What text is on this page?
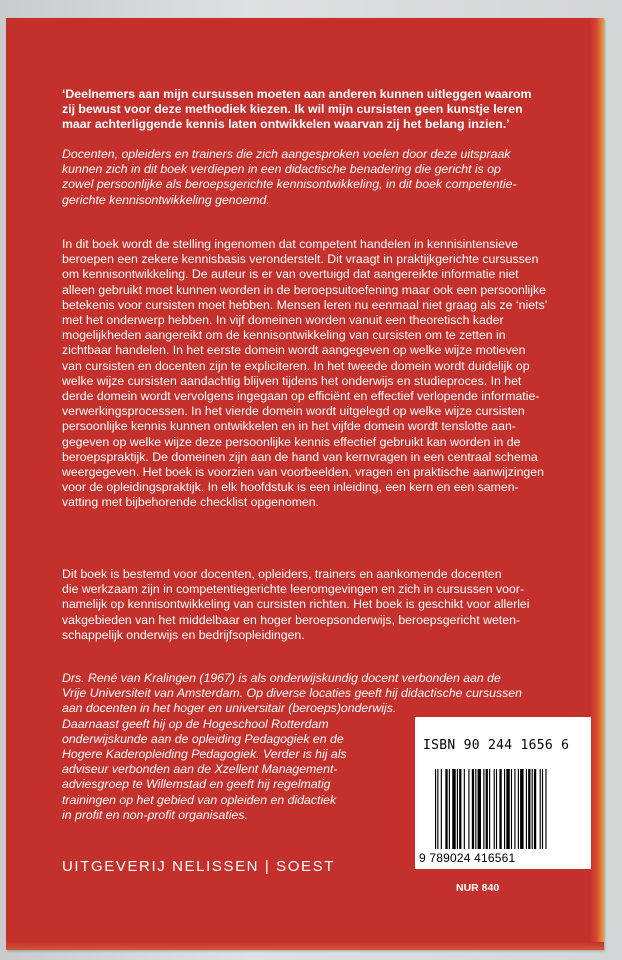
‘Deelnemers aan mijn cursussen moeten aan anderen kunnen uitleggen waarom
zij bewust voor deze methodiek kiezen. Ik wil mijn cursisten geen kunstje leren
maar achterliggende kennis laten ontwikkelen waarvan zij het belang inzien.’
Docenten, opleiders en trainers die zich aangesproken voelen door deze uitspraak
kunnen zich in dit boek verdiepen in een didactische benadering die gericht is op
zowel persoonlijke als beroepsgerichte kennisontwikkeling, in dit boek competentie-
gerichte kennisontwikkeling genoemd.
In dit boek wordt de stelling ingenomen dat competent handelen in kennisintensieve
beroepen een zekere kennisbasis veronderstelt. Dit vraagt in praktijkgerichte cursussen
om kennisontwikkeling. De auteur is er van overtuigd dat aangereikte informatie niet
alleen gebruikt moet kunnen worden in de beroepsuitoefening maar ook een persoonlijke
betekenis voor cursisten moet hebben. Mensen leren nu eenmaal niet graag als ze ‘niets’
met het onderwerp hebben. In vijf domeinen worden vanuit een theoretisch kader
mogelijkheden aangereikt om de kennisontwikkeling van cursisten om te zetten in
zichtbaar handelen. In het eerste domein wordt aangegeven op welke wijze motieven
van cursisten en docenten zijn te expliciteren. In het tweede domein wordt duidelijk op
welke wijze cursisten aandachtig blijven tijdens het onderwijs en studieproces. In het
derde domein wordt vervolgens ingegaan op efficiënt en effectief verlopende informatie-
verwerkingsprocessen. In het vierde domein wordt uitgelegd op welke wijze cursisten
persoonlijke kennis kunnen ontwikkelen en in het vijfde domein wordt tenslotte aan-
gegeven op welke wijze deze persoonlijke kennis effectief gebruikt kan worden in de
beroepspraktijk. De domeinen zijn aan de hand van kernvragen in een centraal schema
weergegeven. Het boek is voorzien van voorbeelden, vragen en praktische aanwijzingen
voor de opleidingspraktijk. In elk hoofdstuk is een inleiding, een kern en een samen-
vatting met bijbehorende checklist opgenomen.
Dit boek is bestemd voor docenten, opleiders, trainers en aankomende docenten
die werkzaam zijn in competentiegerichte leeromgevingen en zich in cursussen voor-
namelijk op kennisontwikkeling van cursisten richten. Het boek is geschikt voor allerlei
vakgebieden van het middelbaar en hoger beroepsonderwijs, beroepsgericht weten-
schappelijk onderwijs en bedrijfsopleidingen.
Drs. René van Kralingen (1967) is als onderwijskundig docent verbonden aan de
Vrije Universiteit van Amsterdam. Op diverse locaties geeft hij didactische cursussen
aan docenten in het hoger en universitair (beroeps)onderwijs.
Daarnaast geeft hij op de Hogeschool Rotterdam
onderwijskunde aan de opleiding Pedagogiek en de
Hogere Kaderopleiding Pedagogiek. Verder is hij als
adviseur verbonden aan de Xzellent Management-
adviesgroep te Willemstad en geeft hij regelmatig
trainingen op het gebied van opleiden en didactiek
in profit en non-profit organisaties.
UITGEVERIJ NELISSEN | SOEST
ISBN 90 244 1656 6
9 789024 416561
NUR 840
